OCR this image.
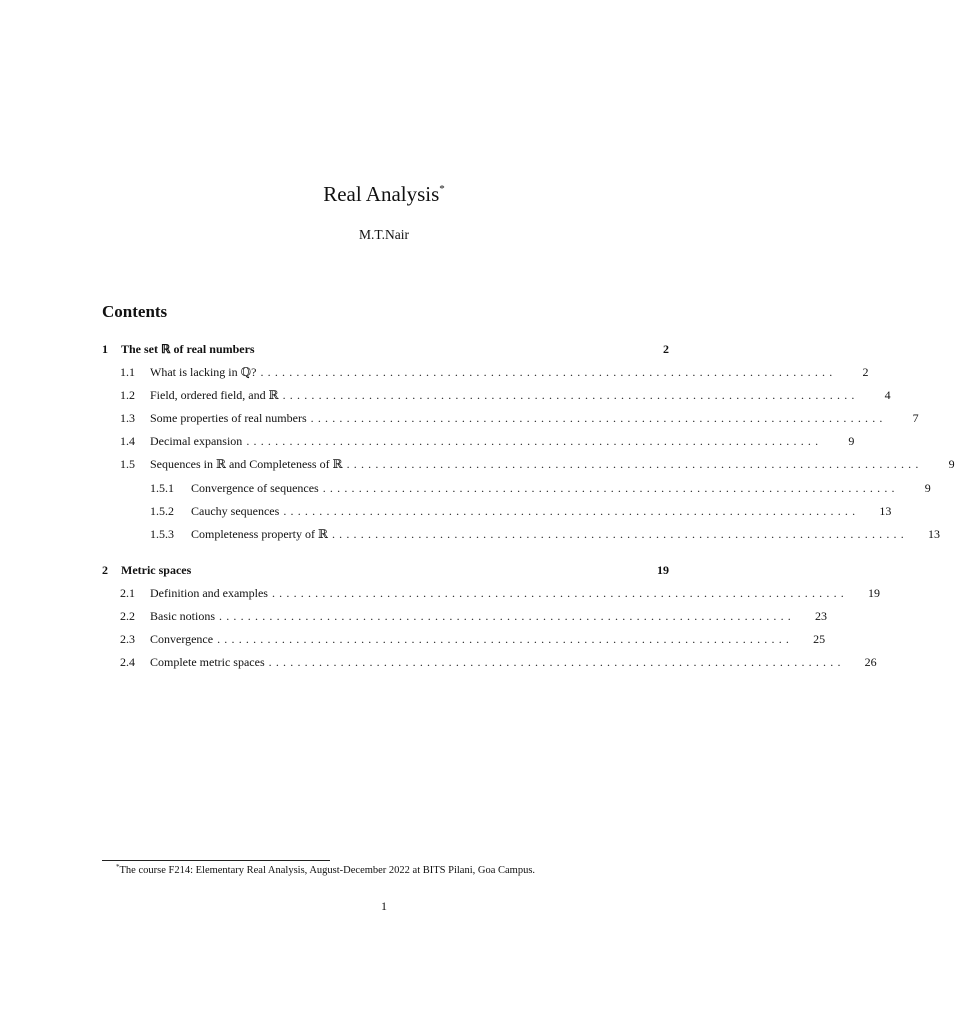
Real Analysis*
M.T.Nair
Contents
1	The set ℝ of real numbers	2
1.1	What is lacking in ℚ? ................................................................................	2
1.2	Field, ordered field, and ℝ ................................................................................	4
1.3	Some properties of real numbers ................................................................................	7
1.4	Decimal expansion ................................................................................	9
1.5	Sequences in ℝ and Completeness of ℝ ................................................................................	9
1.5.1	Convergence of sequences ................................................................................	9
1.5.2	Cauchy sequences ................................................................................	13
1.5.3	Completeness property of ℝ ................................................................................	13
2	Metric spaces	19
2.1	Definition and examples ................................................................................	19
2.2	Basic notions ................................................................................	23
2.3	Convergence ................................................................................	25
2.4	Complete metric spaces ................................................................................	26
*The course F214: Elementary Real Analysis, August-December 2022 at BITS Pilani, Goa Campus.
1
